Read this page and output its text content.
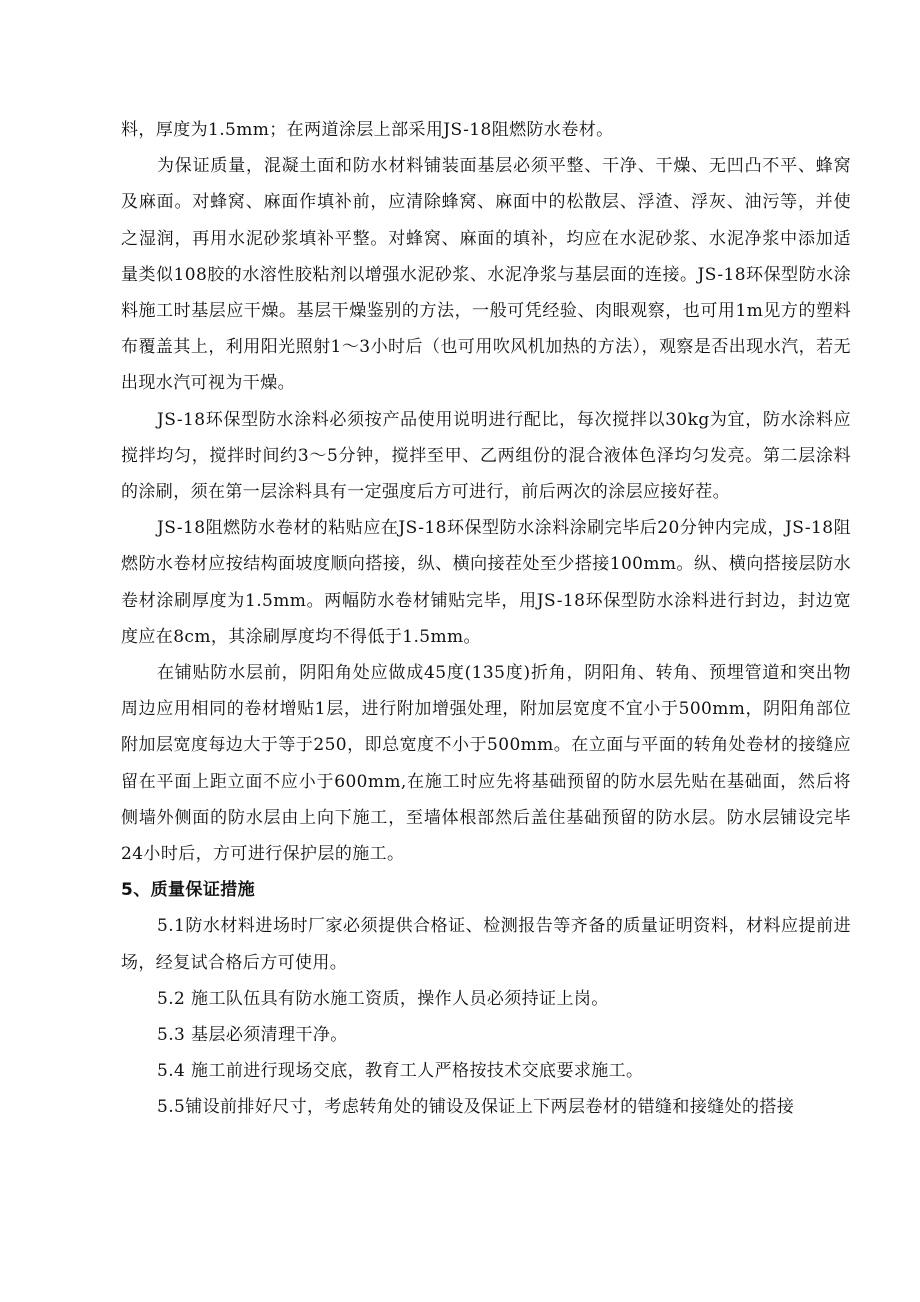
料，厚度为1.5mm；在两道涂层上部采用JS-18阻燃防水卷材。

为保证质量，混凝土面和防水材料铺装面基层必须平整、干净、干燥、无凹凸不平、蜂窝及麻面。对蜂窝、麻面作填补前，应清除蜂窝、麻面中的松散层、浮渣、浮灰、油污等，并使之湿润，再用水泥砂浆填补平整。对蜂窝、麻面的填补，均应在水泥砂浆、水泥净浆中添加适量类似108胶的水溶性胶粘剂以增强水泥砂浆、水泥净浆与基层面的连接。JS-18环保型防水涂料施工时基层应干燥。基层干燥鉴别的方法，一般可凭经验、肉眼观察，也可用1m见方的塑料布覆盖其上，利用阳光照射1～3小时后（也可用吹风机加热的方法），观察是否出现水汽，若无出现水汽可视为干燥。

JS-18环保型防水涂料必须按产品使用说明进行配比，每次搅拌以30kg为宜，防水涂料应搅拌均匀，搅拌时间约3～5分钟，搅拌至甲、乙两组份的混合液体色泽均匀发亮。第二层涂料的涂刷，须在第一层涂料具有一定强度后方可进行，前后两次的涂层应接好茬。

JS-18阻燃防水卷材的粘贴应在JS-18环保型防水涂料涂刷完毕后20分钟内完成，JS-18阻燃防水卷材应按结构面坡度顺向搭接，纵、横向接茬处至少搭接100mm。纵、横向搭接层防水卷材涂刷厚度为1.5mm。两幅防水卷材铺贴完毕，用JS-18环保型防水涂料进行封边，封边宽度应在8cm，其涂刷厚度均不得低于1.5mm。

在铺贴防水层前，阴阳角处应做成45度(135度)折角，阴阳角、转角、预埋管道和突出物周边应用相同的卷材增贴1层，进行附加增强处理，附加层宽度不宜小于500mm，阴阳角部位附加层宽度每边大于等于250，即总宽度不小于500mm。在立面与平面的转角处卷材的接缝应留在平面上距立面不应小于600mm,在施工时应先将基础预留的防水层先贴在基础面，然后将侧墙外侧面的防水层由上向下施工，至墙体根部然后盖住基础预留的防水层。防水层铺设完毕24小时后，方可进行保护层的施工。

5、质量保证措施

5.1防水材料进场时厂家必须提供合格证、检测报告等齐备的质量证明资料，材料应提前进场，经复试合格后方可使用。

5.2 施工队伍具有防水施工资质，操作人员必须持证上岗。

5.3 基层必须清理干净。

5.4 施工前进行现场交底，教育工人严格按技术交底要求施工。

5.5铺设前排好尺寸，考虑转角处的铺设及保证上下两层卷材的错缝和接缝处的搭接
